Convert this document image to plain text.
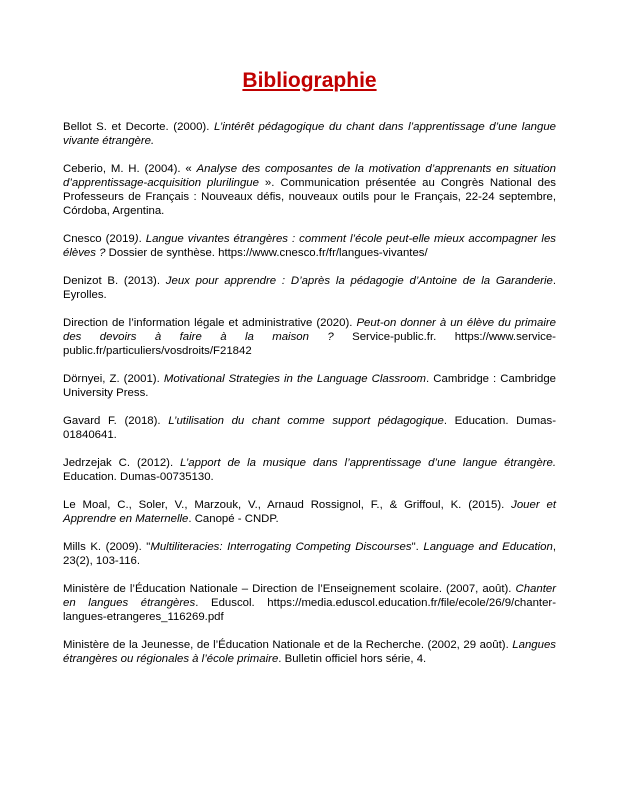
Bibliographie

Bellot S. et Decorte. (2000). L’intérêt pédagogique du chant dans l’apprentissage d’une langue vivante étrangère.

Ceberio, M. H. (2004). « Analyse des composantes de la motivation d’apprenants en situation d’apprentissage-acquisition plurilingue ». Communication présentée au Congrès National des Professeurs de Français : Nouveaux défis, nouveaux outils pour le Français, 22-24 septembre, Córdoba, Argentina.

Cnesco (2019). Langue vivantes étrangères : comment l’école peut-elle mieux accompagner les élèves ? Dossier de synthèse. https://www.cnesco.fr/fr/langues-vivantes/

Denizot B. (2013). Jeux pour apprendre : D’après la pédagogie d’Antoine de la Garanderie. Eyrolles.

Direction de l’information légale et administrative (2020). Peut-on donner à un élève du primaire des devoirs à faire à la maison ? Service-public.fr. https://www.service-public.fr/particuliers/vosdroits/F21842

Dörnyei, Z. (2001). Motivational Strategies in the Language Classroom. Cambridge : Cambridge University Press.

Gavard F. (2018). L’utilisation du chant comme support pédagogique. Education. Dumas-01840641.

Jedrzejak C. (2012). L’apport de la musique dans l’apprentissage d’une langue étrangère. Education. Dumas-00735130.

Le Moal, C., Soler, V., Marzouk, V., Arnaud Rossignol, F., & Griffoul, K. (2015). Jouer et Apprendre en Maternelle. Canopé - CNDP.

Mills K. (2009). "Multiliteracies: Interrogating Competing Discourses". Language and Education, 23(2), 103-116.

Ministère de l’Éducation Nationale – Direction de l’Enseignement scolaire. (2007, août). Chanter en langues étrangères. Eduscol. https://media.eduscol.education.fr/file/ecole/26/9/chanter-langues-etrangeres_116269.pdf

Ministère de la Jeunesse, de l’Éducation Nationale et de la Recherche. (2002, 29 août). Langues étrangères ou régionales à l’école primaire. Bulletin officiel hors série, 4.
